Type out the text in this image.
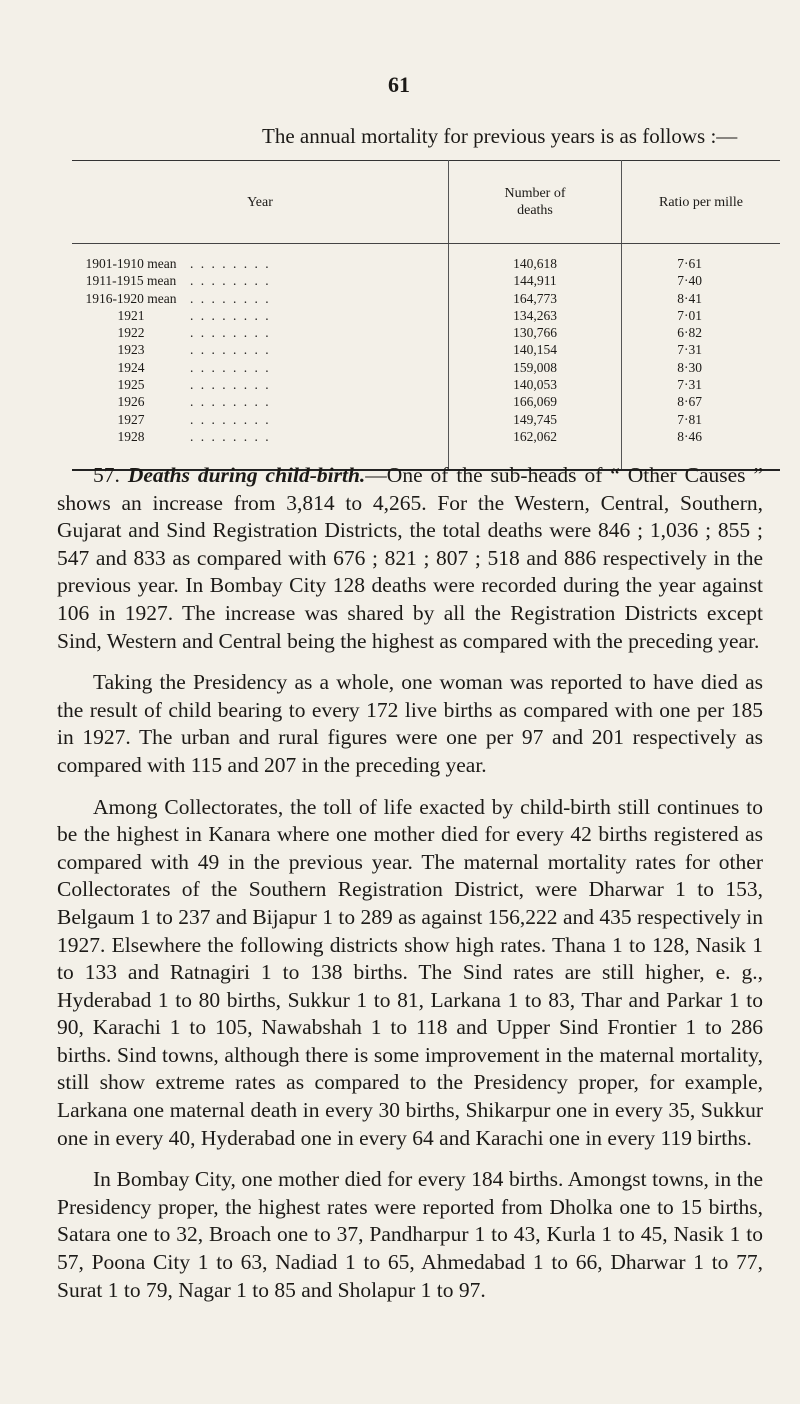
61
The annual mortality for previous years is as follows :—
Year	Number of deaths	Ratio per mille
1901-1910 mean . . . . . . . .	140,618	7·61
1911-1915 mean . . . . . . . .	144,911	7·40
1916-1920 mean . . . . . . . .	164,773	8·41
1921 . . . . . . . .	134,263	7·01
1922 . . . . . . . .	130,766	6·82
1923 . . . . . . . .	140,154	7·31
1924 . . . . . . . .	159,008	8·30
1925 . . . . . . . .	140,053	7·31
1926 . . . . . . . .	166,069	8·67
1927 . . . . . . . .	149,745	7·81
1928 . . . . . . . .	162,062	8·46

57. Deaths during child-birth.—One of the sub-heads of “ Other Causes ” shows an increase from 3,814 to 4,265. For the Western, Central, Southern, Gujarat and Sind Registration Districts, the total deaths were 846 ; 1,036 ; 855 ; 547 and 833 as compared with 676 ; 821 ; 807 ; 518 and 886 respectively in the previous year. In Bombay City 128 deaths were recorded during the year against 106 in 1927. The increase was shared by all the Registration Districts except Sind, Western and Central being the highest as compared with the preceding year.

Taking the Presidency as a whole, one woman was reported to have died as the result of child bearing to every 172 live births as compared with one per 185 in 1927. The urban and rural figures were one per 97 and 201 respectively as compared with 115 and 207 in the preceding year.

Among Collectorates, the toll of life exacted by child-birth still continues to be the highest in Kanara where one mother died for every 42 births registered as compared with 49 in the previous year. The maternal mortality rates for other Collectorates of the Southern Registration District, were Dharwar 1 to 153, Belgaum 1 to 237 and Bijapur 1 to 289 as against 156,222 and 435 respectively in 1927. Elsewhere the following districts show high rates. Thana 1 to 128, Nasik 1 to 133 and Ratnagiri 1 to 138 births. The Sind rates are still higher, e. g., Hyderabad 1 to 80 births, Sukkur 1 to 81, Larkana 1 to 83, Thar and Parkar 1 to 90, Karachi 1 to 105, Nawabshah 1 to 118 and Upper Sind Frontier 1 to 286 births. Sind towns, although there is some improvement in the maternal mortality, still show extreme rates as compared to the Presidency proper, for example, Larkana one maternal death in every 30 births, Shikarpur one in every 35, Sukkur one in every 40, Hyderabad one in every 64 and Karachi one in every 119 births.

In Bombay City, one mother died for every 184 births. Amongst towns, in the Presidency proper, the highest rates were reported from Dholka one to 15 births, Satara one to 32, Broach one to 37, Pandharpur 1 to 43, Kurla 1 to 45, Nasik 1 to 57, Poona City 1 to 63, Nadiad 1 to 65, Ahmedabad 1 to 66, Dharwar 1 to 77, Surat 1 to 79, Nagar 1 to 85 and Sholapur 1 to 97.
